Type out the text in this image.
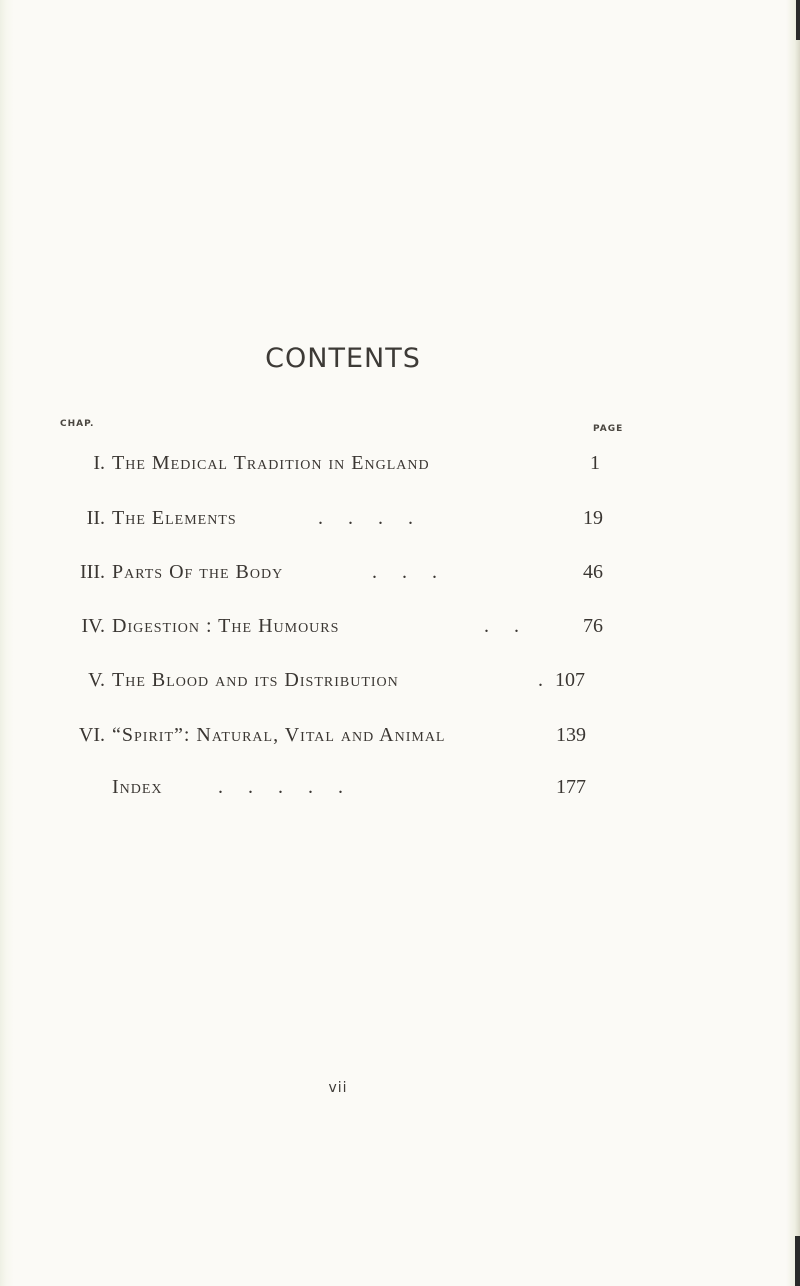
CONTENTS
CHAP.	PAGE
I. The Medical Tradition in England	1
II. The Elements	.     .     .     .	19
III. Parts Of the Body	.     .     .	46
IV. Digestion : The Humours	.     .	76
V. The Blood and its Distribution	. 107
VI. “Spirit”: Natural, Vital and Animal	139
Index	.     .     .     .     .	177
vii
